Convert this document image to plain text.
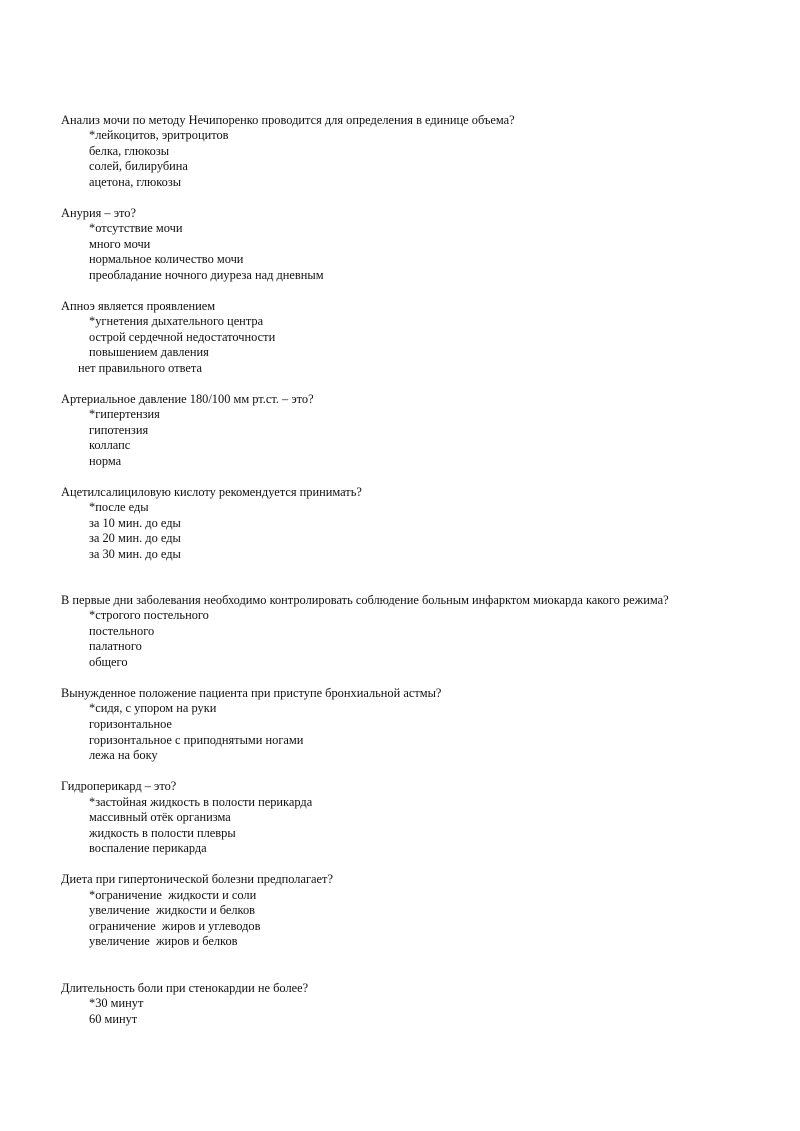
Анализ мочи по методу Нечипоренко проводится для определения в единице объема?
*лейкоцитов, эритроцитов
белка, глюкозы
солей, билирубина
ацетона, глюкозы
Анурия – это?
*отсутствие мочи
много мочи
нормальное количество мочи
преобладание ночного диуреза над дневным
Апноэ является проявлением
*угнетения дыхательного центра
острой сердечной недостаточности
повышением давления
нет правильного ответа
Артериальное давление 180/100 мм рт.ст. – это?
*гипертензия
гипотензия
коллапс
норма
Ацетилсалициловую кислоту рекомендуется принимать?
*после еды
за 10 мин. до еды
за 20 мин. до еды
за 30 мин. до еды
В первые дни заболевания необходимо контролировать соблюдение больным инфарктом миокарда какого режима?
*строгого постельного
постельного
палатного
общего
Вынужденное положение пациента при приступе бронхиальной астмы?
*сидя, с упором на руки
горизонтальное
горизонтальное с приподнятыми ногами
лежа на боку
Гидроперикард – это?
*застойная жидкость в полости перикарда
массивный отёк организма
жидкость в полости плевры
воспаление перикарда
Диета при гипертонической болезни предполагает?
*ограничение  жидкости и соли
увеличение  жидкости и белков
ограничение  жиров и углеводов
увеличение  жиров и белков
Длительность боли при стенокардии не более?
*30 минут
60 минут
